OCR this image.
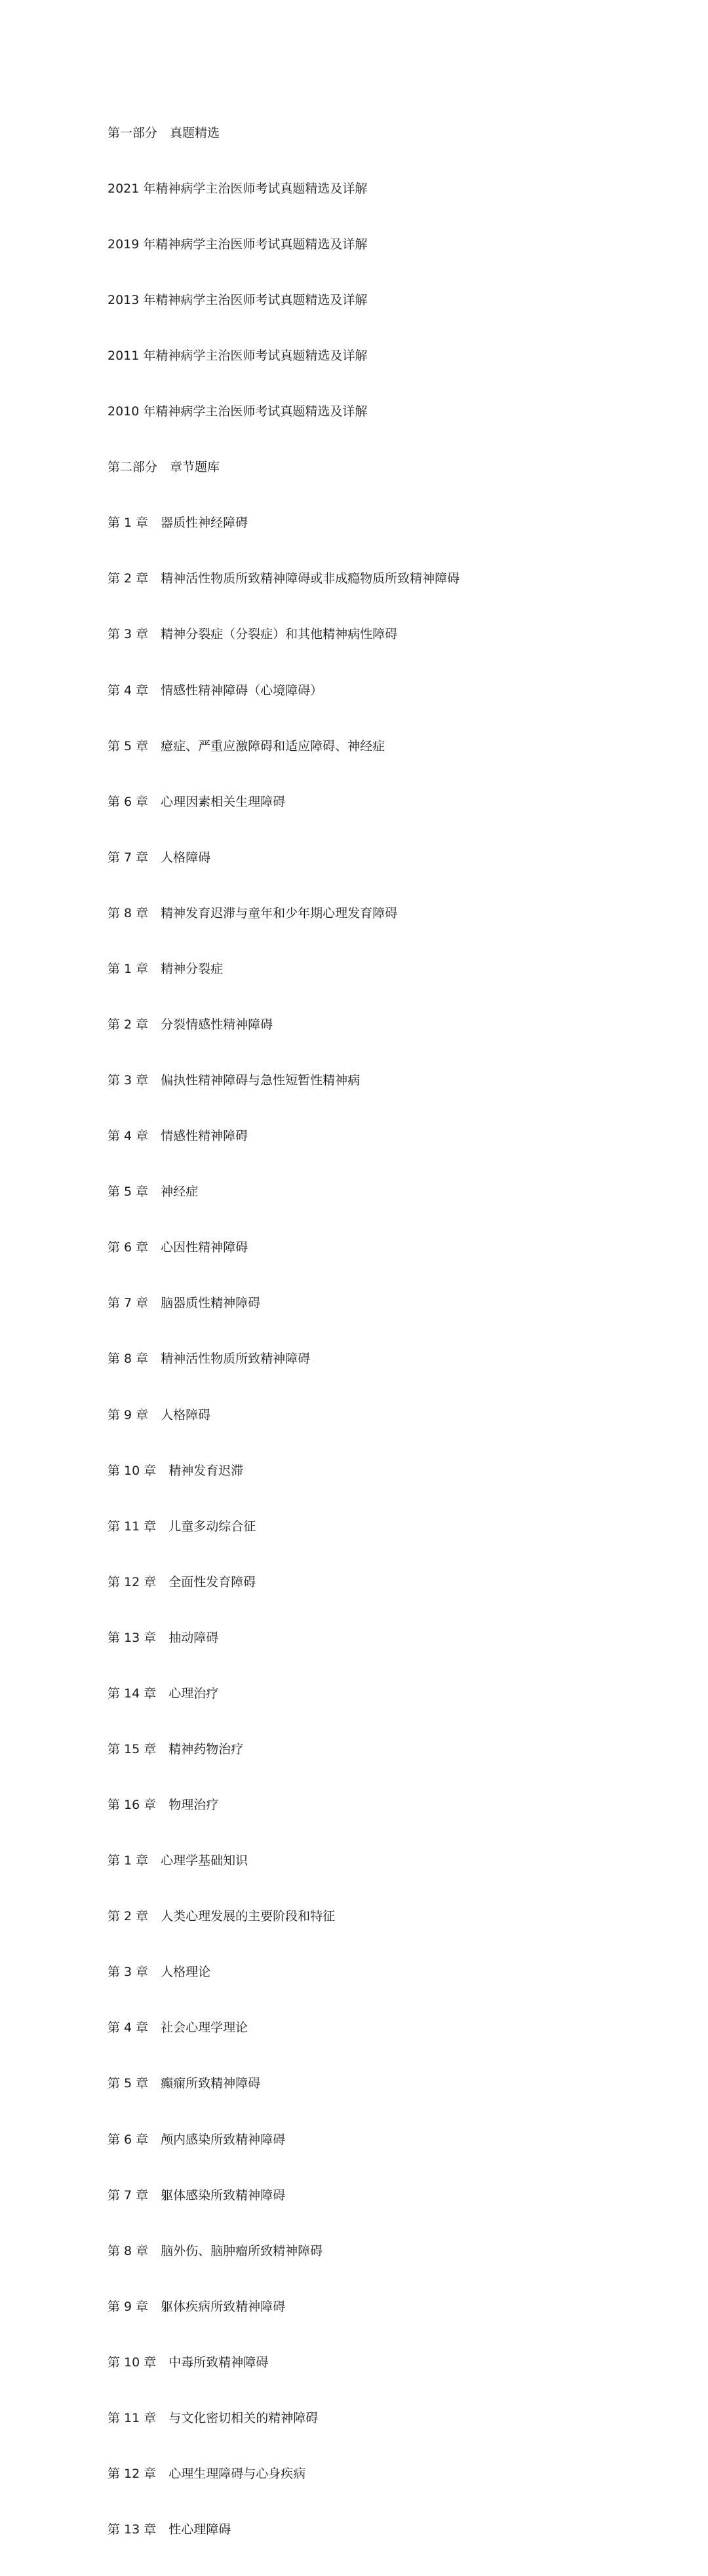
第一部分　真题精选

2021 年精神病学主治医师考试真题精选及详解

2019 年精神病学主治医师考试真题精选及详解

2013 年精神病学主治医师考试真题精选及详解

2011 年精神病学主治医师考试真题精选及详解

2010 年精神病学主治医师考试真题精选及详解

第二部分　章节题库

第 1 章　器质性神经障碍

第 2 章　精神活性物质所致精神障碍或非成瘾物质所致精神障碍

第 3 章　精神分裂症（分裂症）和其他精神病性障碍

第 4 章　情感性精神障碍（心境障碍）

第 5 章　癔症、严重应激障碍和适应障碍、神经症

第 6 章　心理因素相关生理障碍

第 7 章　人格障碍

第 8 章　精神发育迟滞与童年和少年期心理发育障碍

第 1 章　精神分裂症

第 2 章　分裂情感性精神障碍

第 3 章　偏执性精神障碍与急性短暂性精神病

第 4 章　情感性精神障碍

第 5 章　神经症

第 6 章　心因性精神障碍

第 7 章　脑器质性精神障碍

第 8 章　精神活性物质所致精神障碍

第 9 章　人格障碍

第 10 章　精神发育迟滞

第 11 章　儿童多动综合征

第 12 章　全面性发育障碍

第 13 章　抽动障碍

第 14 章　心理治疗

第 15 章　精神药物治疗

第 16 章　物理治疗

第 1 章　心理学基础知识

第 2 章　人类心理发展的主要阶段和特征

第 3 章　人格理论

第 4 章　社会心理学理论

第 5 章　癫痫所致精神障碍

第 6 章　颅内感染所致精神障碍

第 7 章　躯体感染所致精神障碍

第 8 章　脑外伤、脑肿瘤所致精神障碍

第 9 章　躯体疾病所致精神障碍

第 10 章　中毒所致精神障碍

第 11 章　与文化密切相关的精神障碍

第 12 章　心理生理障碍与心身疾病

第 13 章　性心理障碍
